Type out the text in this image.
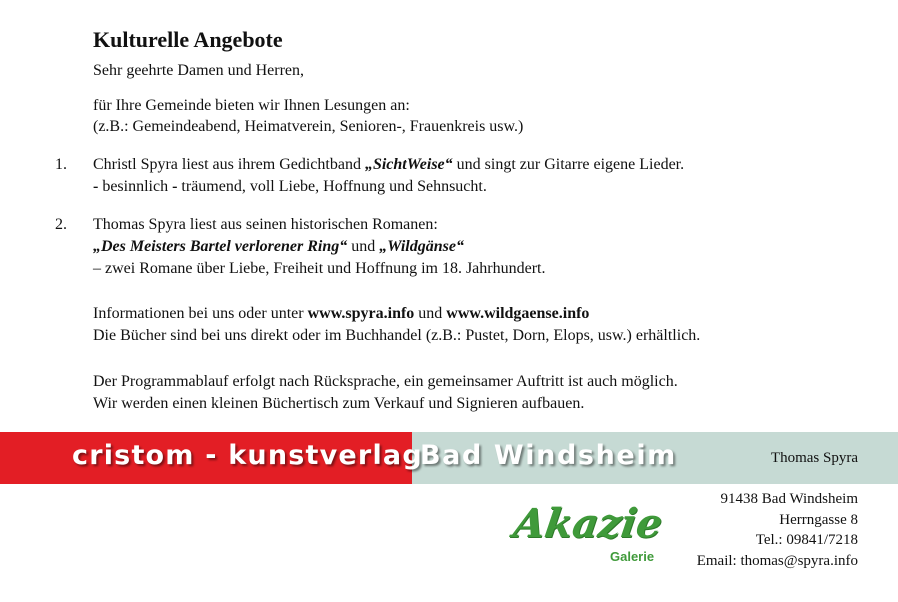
Kulturelle Angebote
Sehr geehrte Damen und Herren,
für Ihre Gemeinde bieten wir Ihnen Lesungen an:
(z.B.: Gemeindeabend, Heimatverein, Senioren-, Frauenkreis usw.)
1. Christl Spyra liest aus ihrem Gedichtband „SichtWeise“ und singt zur Gitarre eigene Lieder.
- besinnlich - träumend, voll Liebe, Hoffnung und Sehnsucht.
2. Thomas Spyra liest aus seinen historischen Romanen:
„Des Meisters Bartel verlorener Ring“ und „Wildgänse“
– zwei Romane über Liebe, Freiheit und Hoffnung im 18. Jahrhundert.
Informationen bei uns oder unter www.spyra.info und www.wildgaense.info
Die Bücher sind bei uns direkt oder im Buchhandel (z.B.: Pustet, Dorn, Elops, usw.) erhältlich.
Der Programmablauf erfolgt nach Rücksprache, ein gemeinsamer Auftritt ist auch möglich.
Wir werden einen kleinen Büchertisch zum Verkauf und Signieren aufbauen.
cristom - kunstverlag
Bad Windsheim	Thomas Spyra
Akazie
Galerie
91438 Bad Windsheim
Herrngasse 8
Tel.: 09841/7218
Email: thomas@spyra.info
